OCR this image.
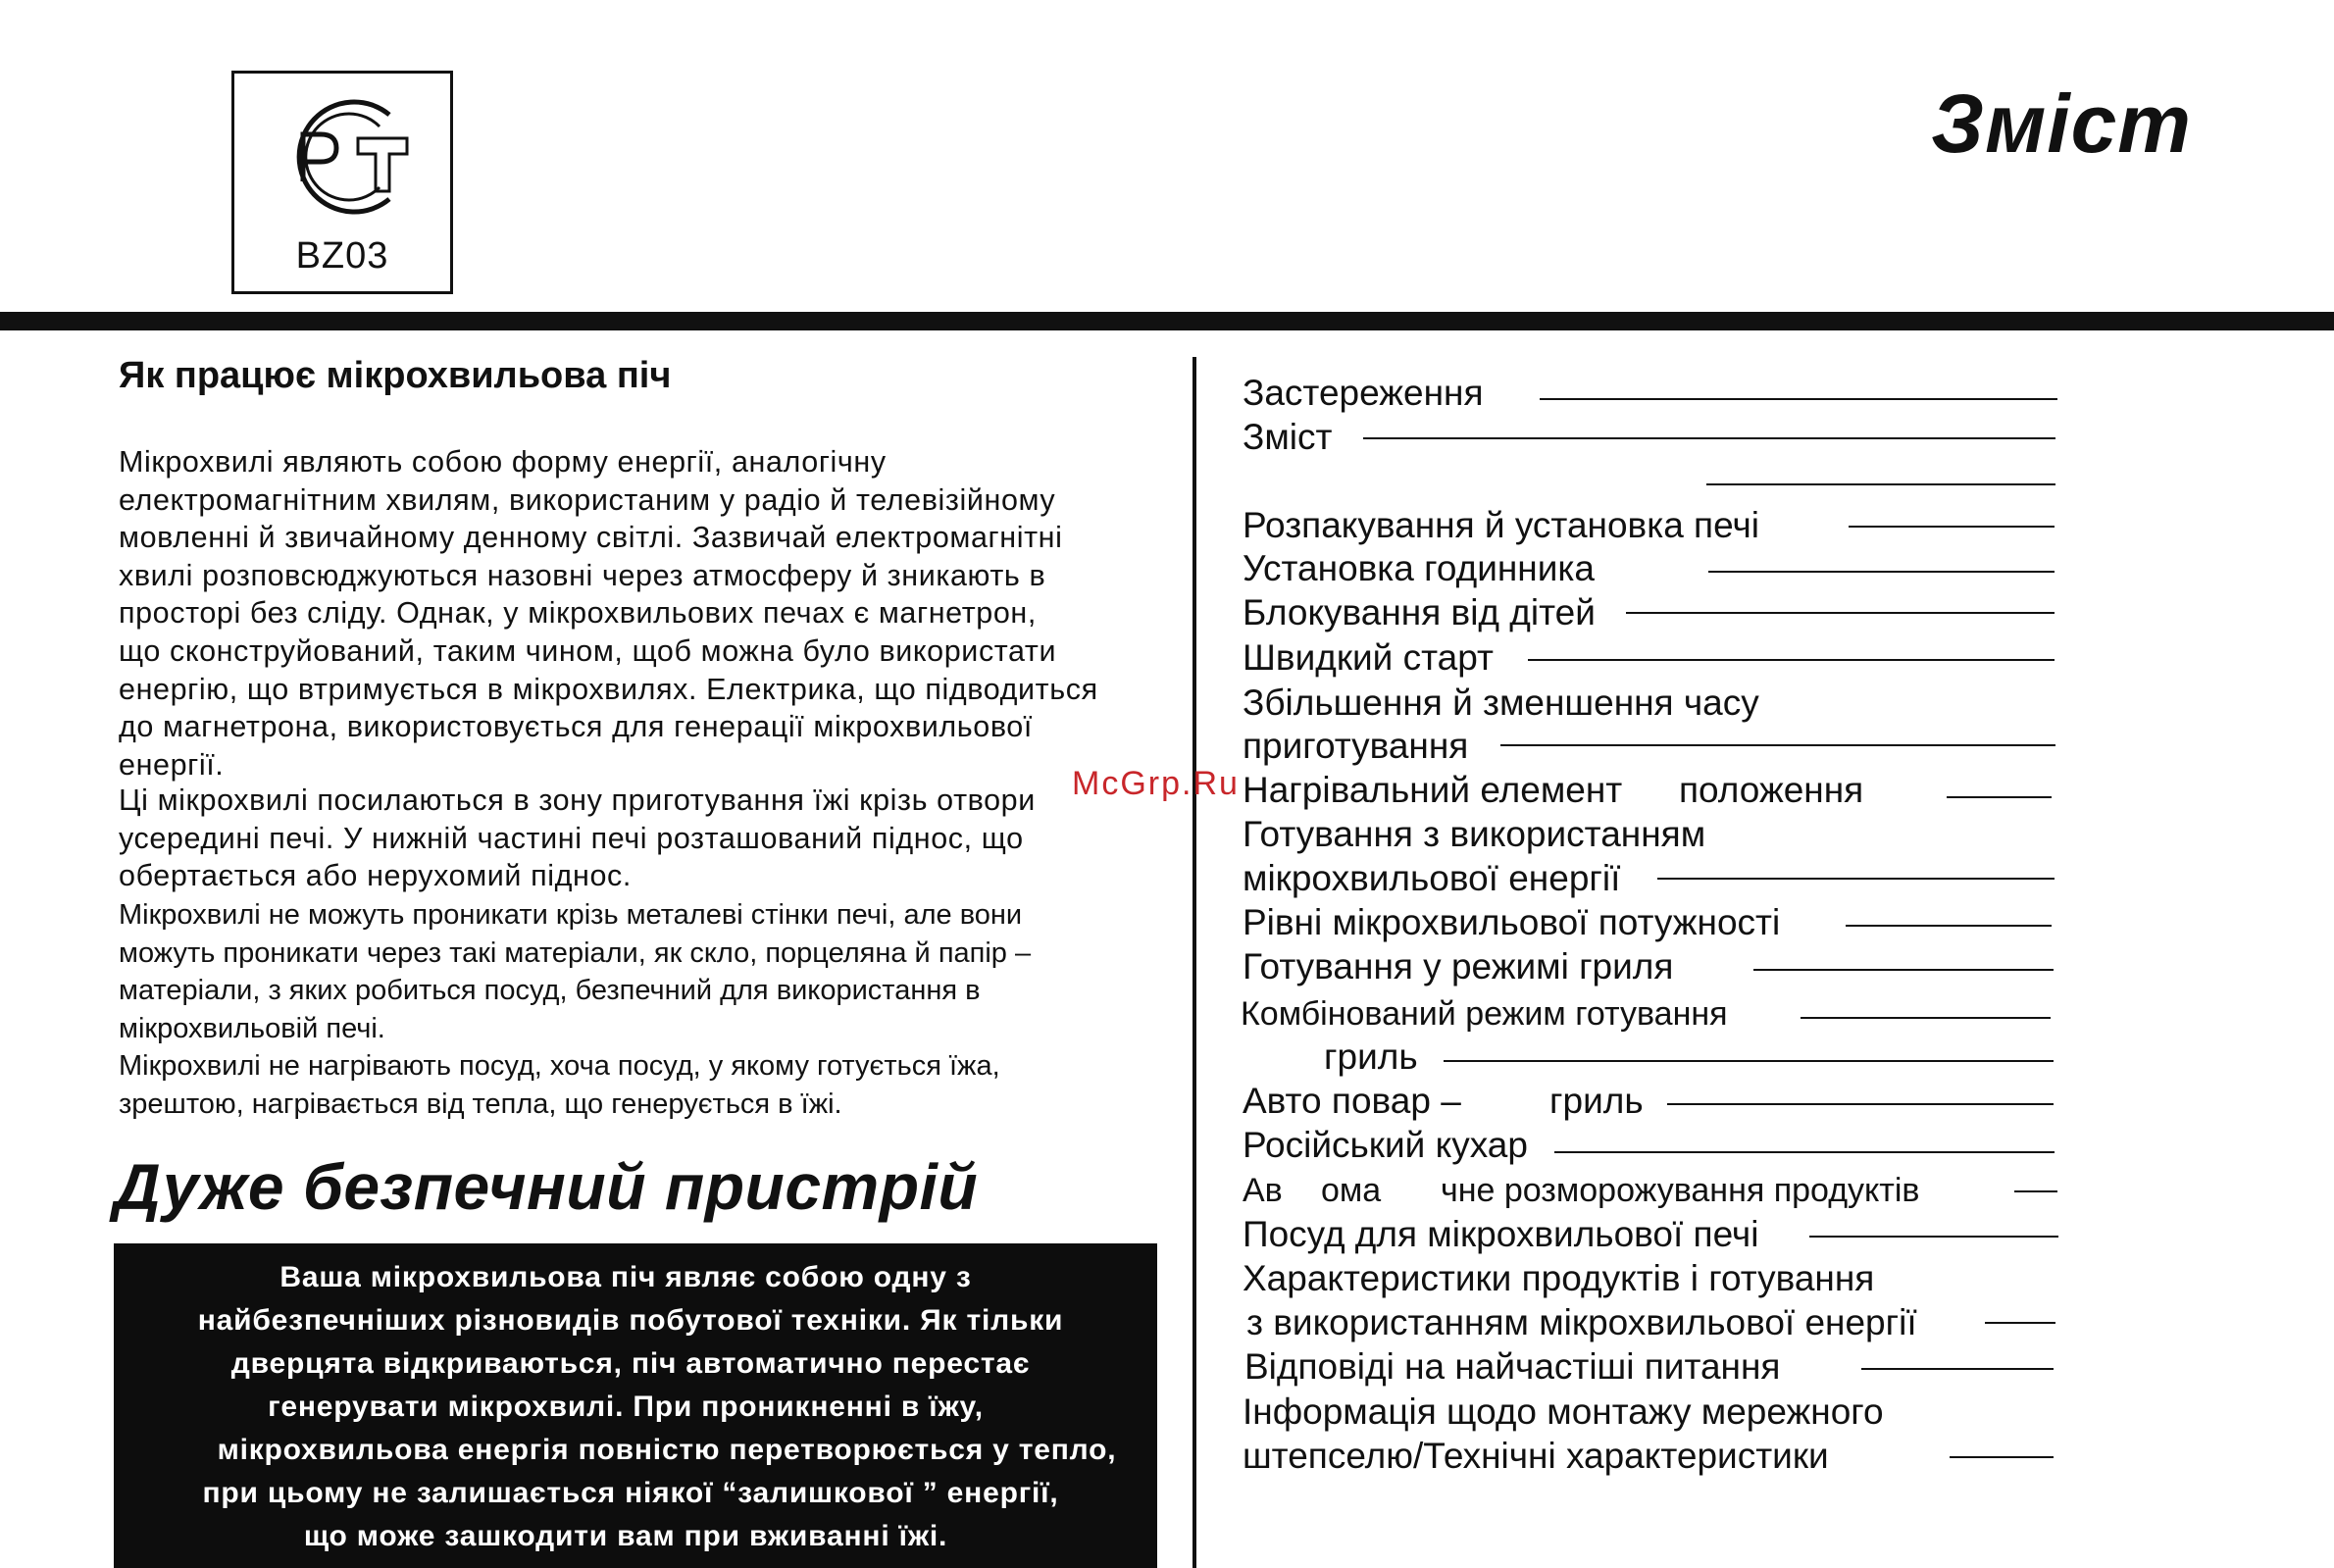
BZ03
Зміст
Як працює мікрохвильова піч
Мікрохвилі являють собою форму енергії, аналогічну
електромагнітним хвилям, використаним у радіо й телевізійному
мовленні й звичайному денному світлі. Зазвичай електромагнітні
хвилі розповсюджуються назовні через атмосферу й зникають в
просторі без сліду. Однак, у мікрохвильових печах є магнетрон,
що сконструйований, таким чином, щоб можна було використати
енергію, що втримується в мікрохвилях. Електрика, що підводиться
до магнетрона, використовується для генерації мікрохвильової
енергії.
Ці мікрохвилі посилаються в зону приготування їжі крізь отвори
усередині печі. У нижній частині печі розташований піднос, що
обертається або нерухомий піднос.
Мікрохвилі не можуть проникати крізь металеві стінки печі, але вони
можуть проникати через такі матеріали, як скло, порцеляна й папір –
матеріали, з яких робиться посуд, безпечний для використання в
мікрохвильовій печі.
Мікрохвилі не нагрівають посуд, хоча посуд, у якому готується їжа,
зрештою, нагрівається від тепла, що генерується в їжі.
McGrp.Ru
Дуже безпечний пристрій
Ваша мікрохвильова піч являє собою одну з
найбезпечніших різновидів побутової техніки. Як тільки
дверцята відкриваються, піч автоматично перестає
генерувати мікрохвилі. При проникненні в їжу,
мікрохвильова енергія повністю перетворюється у тепло,
при цьому не залишається ніякої “залишкової ” енергії,
що може зашкодити вам при вживанні їжі.
Застереження
Зміст
Розпакування й установка печі
Установка годинника
Блокування від дітей
Швидкий старт
Збільшення й зменшення часу
приготування
Нагрівальний елемент положення
Готування з використанням
мікрохвильової енергії
Рівні мікрохвильової потужності
Готування у режимі гриля
Комбінований режим готування
гриль
Авто повар – гриль
Російський кухар
Ав ома чне розморожування продуктів
Посуд для мікрохвильової печі
Характеристики продуктів і готування
з використанням мікрохвильової енергії
Відповіді на найчастіші питання
Інформація щодо монтажу мережного
штепселю/Технічні характеристики
